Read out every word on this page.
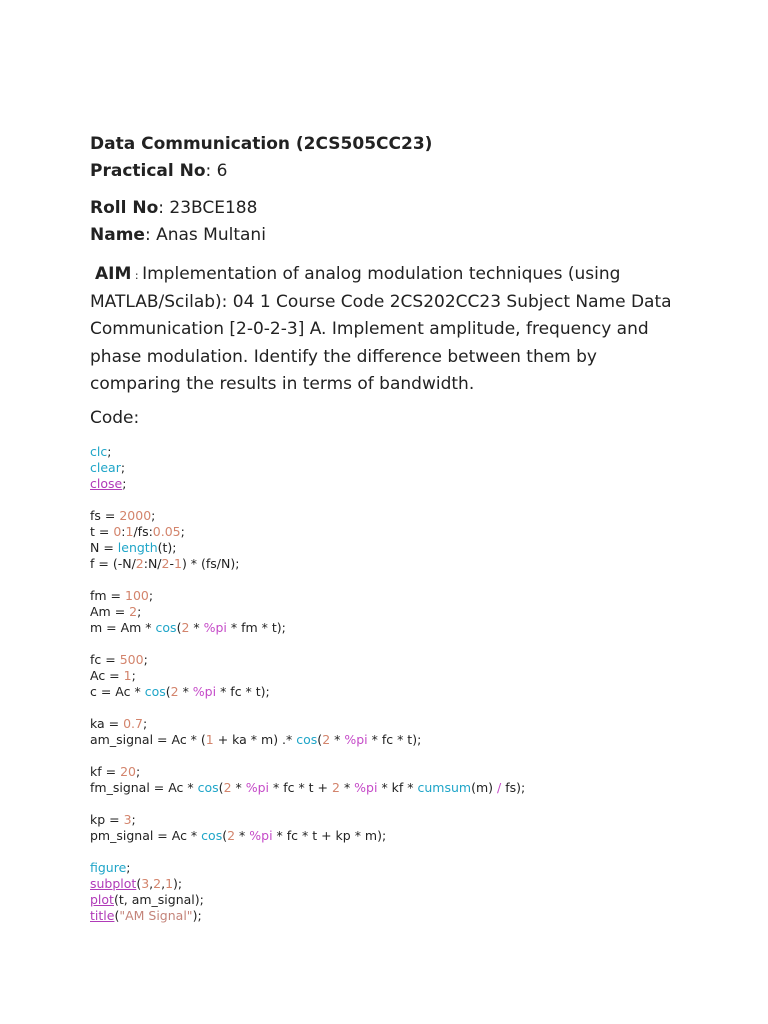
Data Communication (2CS505CC23)
Practical No: 6
Roll No: 23BCE188
Name: Anas Multani
AIM : Implementation of analog modulation techniques (using MATLAB/Scilab): 04 1 Course Code 2CS202CC23 Subject Name Data Communication [2-0-2-3] A. Implement amplitude, frequency and phase modulation. Identify the difference between them by comparing the results in terms of bandwidth.
Code:
clc;
clear;
close;

fs = 2000;
t = 0:1/fs:0.05;
N = length(t);
f = (-N/2:N/2-1) * (fs/N);

fm = 100;
Am = 2;
m = Am * cos(2 * %pi * fm * t);

fc = 500;
Ac = 1;
c = Ac * cos(2 * %pi * fc * t);

ka = 0.7;
am_signal = Ac * (1 + ka * m) .* cos(2 * %pi * fc * t);

kf = 20;
fm_signal = Ac * cos(2 * %pi * fc * t + 2 * %pi * kf * cumsum(m) / fs);

kp = 3;
pm_signal = Ac * cos(2 * %pi * fc * t + kp * m);

figure;
subplot(3,2,1);
plot(t, am_signal);
title("AM Signal");
